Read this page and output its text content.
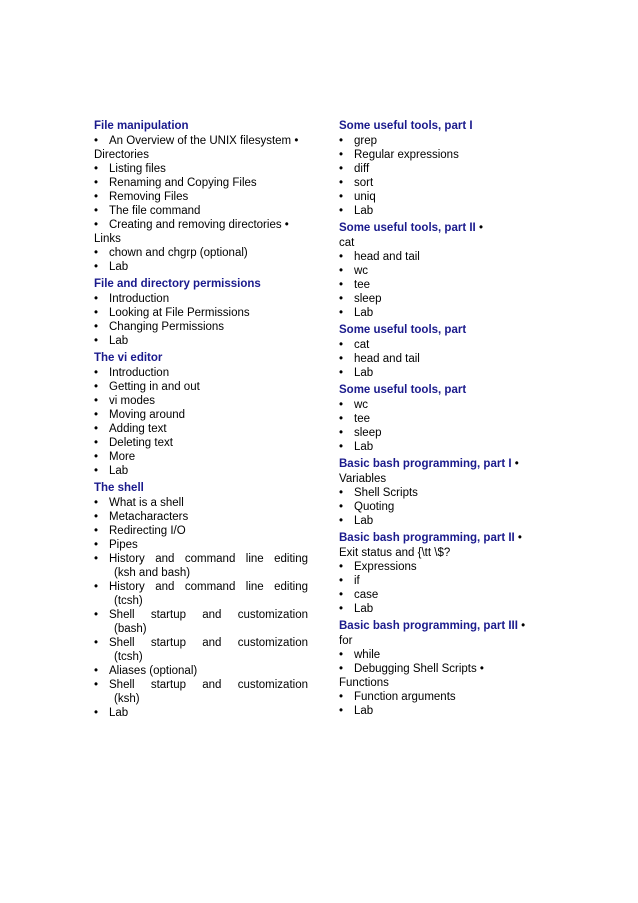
File manipulation
• An Overview of the UNIX filesystem •
Directories
• Listing files
• Renaming and Copying Files
• Removing Files
• The file command
• Creating and removing directories •
Links
• chown and chgrp (optional)
• Lab
File and directory permissions
• Introduction
• Looking at File Permissions
• Changing Permissions
• Lab
The vi editor
• Introduction
• Getting in and out
• vi modes
• Moving around
• Adding text
• Deleting text
• More
• Lab
The shell
• What is a shell
• Metacharacters
• Redirecting I/O
• Pipes
• History and command line editing
(ksh and bash)
• History and command line editing
(tcsh)
• Shell startup and customization
(bash)
• Shell startup and customization
(tcsh)
• Aliases (optional)
• Shell startup and customization
(ksh)
• Lab
Some useful tools, part I
• grep
• Regular expressions
• diff
• sort
• uniq
• Lab
Some useful tools, part II •
cat
• head and tail
• wc
• tee
• sleep
• Lab
Some useful tools, part
• cat
• head and tail
• Lab
Some useful tools, part
• wc
• tee
• sleep
• Lab
Basic bash programming, part I •
Variables
• Shell Scripts
• Quoting
• Lab
Basic bash programming, part II •
Exit status and {\tt \$?
• Expressions
• if
• case
• Lab
Basic bash programming, part III •
for
• while
• Debugging Shell Scripts •
Functions
• Function arguments
• Lab
